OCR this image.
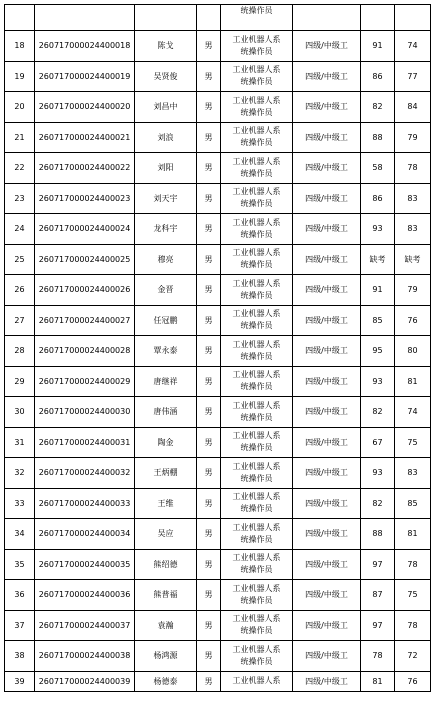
				统操作员			

18	260717000024400018	陈戈	男	工业机器人系
统操作员	四级/中级工	91	74
19	260717000024400019	吴贤俊	男	工业机器人系
统操作员	四级/中级工	86	77
20	260717000024400020	刘昌中	男	工业机器人系
统操作员	四级/中级工	82	84
21	260717000024400021	刘浪	男	工业机器人系
统操作员	四级/中级工	88	79
22	260717000024400022	刘阳	男	工业机器人系
统操作员	四级/中级工	58	78
23	260717000024400023	刘天宇	男	工业机器人系
统操作员	四级/中级工	86	83
24	260717000024400024	龙科宇	男	工业机器人系
统操作员	四级/中级工	93	83
25	260717000024400025	穆亮	男	工业机器人系
统操作员	四级/中级工	缺考	缺考
26	260717000024400026	金晋	男	工业机器人系
统操作员	四级/中级工	91	79
27	260717000024400027	任冠鹏	男	工业机器人系
统操作员	四级/中级工	85	76
28	260717000024400028	覃永泰	男	工业机器人系
统操作员	四级/中级工	95	80
29	260717000024400029	唐继祥	男	工业机器人系
统操作员	四级/中级工	93	81
30	260717000024400030	唐伟涵	男	工业机器人系
统操作员	四级/中级工	82	74
31	260717000024400031	陶金	男	工业机器人系
统操作员	四级/中级工	67	75
32	260717000024400032	王炳棚	男	工业机器人系
统操作员	四级/中级工	93	83
33	260717000024400033	王维	男	工业机器人系
统操作员	四级/中级工	82	85
34	260717000024400034	吴应	男	工业机器人系
统操作员	四级/中级工	88	81
35	260717000024400035	熊绍德	男	工业机器人系
统操作员	四级/中级工	97	78
36	260717000024400036	熊普福	男	工业机器人系
统操作员	四级/中级工	87	75
37	260717000024400037	袁瀚	男	工业机器人系
统操作员	四级/中级工	97	78
38	260717000024400038	杨鸿源	男	工业机器人系
统操作员	四级/中级工	78	72
39	260717000024400039	杨德泰	男	工业机器人系	四级/中级工	81	76
